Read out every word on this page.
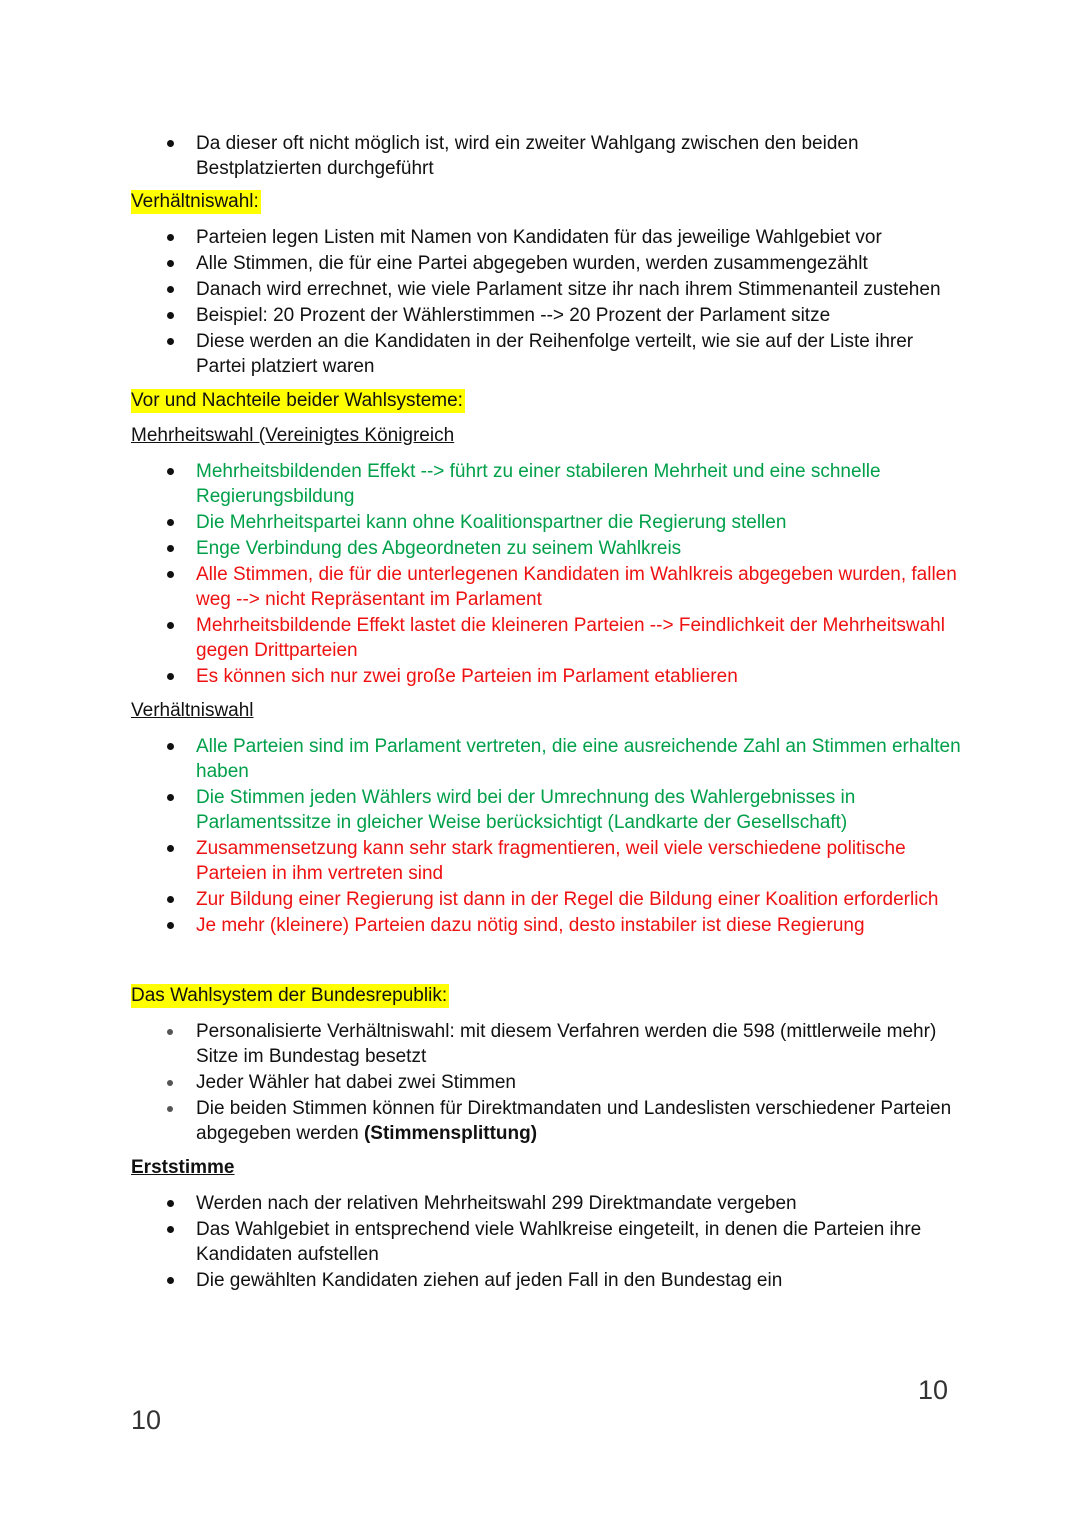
Da dieser oft nicht möglich ist, wird ein zweiter Wahlgang zwischen den beiden Bestplatzierten durchgeführt
Verhältniswahl:
Parteien legen Listen mit Namen von Kandidaten für das jeweilige Wahlgebiet vor
Alle Stimmen, die für eine Partei abgegeben wurden, werden zusammengezählt
Danach wird errechnet, wie viele Parlament sitze ihr nach ihrem Stimmenanteil zustehen
Beispiel: 20 Prozent der Wählerstimmen --> 20 Prozent der Parlament sitze
Diese werden an die Kandidaten in der Reihenfolge verteilt, wie sie auf der Liste ihrer Partei platziert waren
Vor und Nachteile beider Wahlsysteme:
Mehrheitswahl (Vereinigtes Königreich
Mehrheitsbildenden Effekt --> führt zu einer stabileren Mehrheit und eine schnelle Regierungsbildung
Die Mehrheitspartei kann ohne Koalitionspartner die Regierung stellen
Enge Verbindung des Abgeordneten zu seinem Wahlkreis
Alle Stimmen, die für die unterlegenen Kandidaten im Wahlkreis abgegeben wurden, fallen weg --> nicht Repräsentant im Parlament
Mehrheitsbildende Effekt lastet die kleineren Parteien --> Feindlichkeit der Mehrheitswahl gegen Drittparteien
Es können sich nur zwei große Parteien im Parlament etablieren
Verhältniswahl
Alle Parteien sind im Parlament vertreten, die eine ausreichende Zahl an Stimmen erhalten haben
Die Stimmen jeden Wählers wird bei der Umrechnung des Wahlergebnisses in Parlamentssitze in gleicher Weise berücksichtigt (Landkarte der Gesellschaft)
Zusammensetzung kann sehr stark fragmentieren, weil viele verschiedene politische Parteien in ihm vertreten sind
Zur Bildung einer Regierung ist dann in der Regel die Bildung einer Koalition erforderlich
Je mehr (kleinere) Parteien dazu nötig sind, desto instabiler ist diese Regierung
Das Wahlsystem der Bundesrepublik:
Personalisierte Verhältniswahl: mit diesem Verfahren werden die 598 (mittlerweile mehr) Sitze im Bundestag besetzt
Jeder Wähler hat dabei zwei Stimmen
Die beiden Stimmen können für Direktmandaten und Landeslisten verschiedener Parteien abgegeben werden (Stimmensplittung)
Erststimme
Werden nach der relativen Mehrheitswahl 299 Direktmandate vergeben
Das Wahlgebiet in entsprechend viele Wahlkreise eingeteilt, in denen die Parteien ihre Kandidaten aufstellen
Die gewählten Kandidaten ziehen auf jeden Fall in den Bundestag ein
10
10
